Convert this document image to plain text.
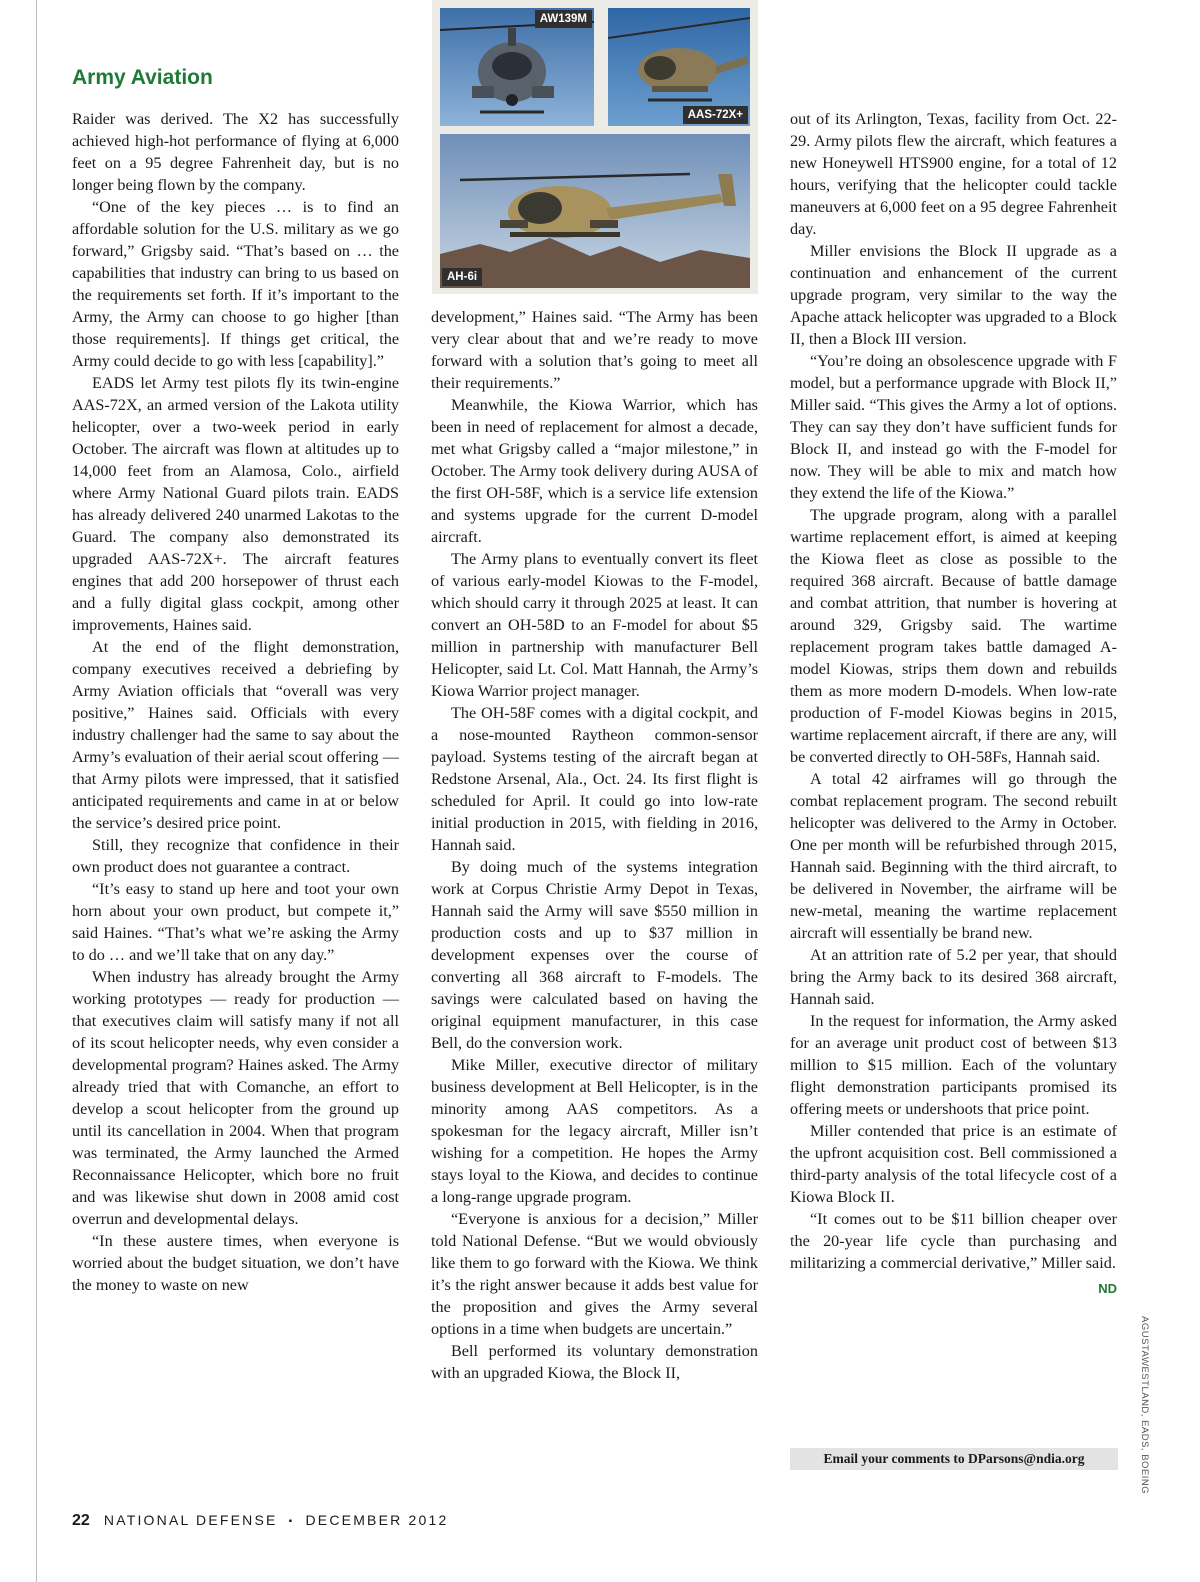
Army Aviation

Raider was derived. The X2 has successfully achieved high-hot performance of flying at 6,000 feet on a 95 degree Fahrenheit day, but is no longer being flown by the company.

“One of the key pieces … is to find an affordable solution for the U.S. military as we go forward,” Grigsby said. “That’s based on … the capabilities that industry can bring to us based on the requirements set forth. If it’s important to the Army, the Army can choose to go higher [than those requirements]. If things get critical, the Army could decide to go with less [capability].”

EADS let Army test pilots fly its twin-engine AAS-72X, an armed version of the Lakota utility helicopter, over a two-week period in early October. The aircraft was flown at altitudes up to 14,000 feet from an Alamosa, Colo., airfield where Army National Guard pilots train. EADS has already delivered 240 unarmed Lakotas to the Guard. The company also demonstrated its upgraded AAS-72X+. The aircraft features engines that add 200 horsepower of thrust each and a fully digital glass cockpit, among other improvements, Haines said.

At the end of the flight demonstration, company executives received a debriefing by Army Aviation officials that “overall was very positive,” Haines said. Officials with every industry challenger had the same to say about the Army’s evaluation of their aerial scout offering — that Army pilots were impressed, that it satisfied anticipated requirements and came in at or below the service’s desired price point.

Still, they recognize that confidence in their own product does not guarantee a contract.

“It’s easy to stand up here and toot your own horn about your own product, but compete it,” said Haines. “That’s what we’re asking the Army to do … and we’ll take that on any day.”

When industry has already brought the Army working prototypes — ready for production — that executives claim will satisfy many if not all of its scout helicopter needs, why even consider a developmental program? Haines asked. The Army already tried that with Comanche, an effort to develop a scout helicopter from the ground up until its cancellation in 2004. When that program was terminated, the Army launched the Armed Reconnaissance Helicopter, which bore no fruit and was likewise shut down in 2008 amid cost overrun and developmental delays.

“In these austere times, when everyone is worried about the budget situation, we don’t have the money to waste on new

AW139M
AAS-72X+
AH-6i

development,” Haines said. “The Army has been very clear about that and we’re ready to move forward with a solution that’s going to meet all their requirements.”

Meanwhile, the Kiowa Warrior, which has been in need of replacement for almost a decade, met what Grigsby called a “major milestone,” in October. The Army took delivery during AUSA of the first OH-58F, which is a service life extension and systems upgrade for the current D-model aircraft.

The Army plans to eventually convert its fleet of various early-model Kiowas to the F-model, which should carry it through 2025 at least. It can convert an OH-58D to an F-model for about $5 million in partnership with manufacturer Bell Helicopter, said Lt. Col. Matt Hannah, the Army’s Kiowa Warrior project manager.

The OH-58F comes with a digital cockpit, and a nose-mounted Raytheon common-sensor payload. Systems testing of the aircraft began at Redstone Arsenal, Ala., Oct. 24. Its first flight is scheduled for April. It could go into low-rate initial production in 2015, with fielding in 2016, Hannah said.

By doing much of the systems integration work at Corpus Christie Army Depot in Texas, Hannah said the Army will save $550 million in production costs and up to $37 million in development expenses over the course of converting all 368 aircraft to F-models. The savings were calculated based on having the original equipment manufacturer, in this case Bell, do the conversion work.

Mike Miller, executive director of military business development at Bell Helicopter, is in the minority among AAS competitors. As a spokesman for the legacy aircraft, Miller isn’t wishing for a competition. He hopes the Army stays loyal to the Kiowa, and decides to continue a long-range upgrade program.

“Everyone is anxious for a decision,” Miller told National Defense. “But we would obviously like them to go forward with the Kiowa. We think it’s the right answer because it adds best value for the proposition and gives the Army several options in a time when budgets are uncertain.”

Bell performed its voluntary demonstration with an upgraded Kiowa, the Block II,

out of its Arlington, Texas, facility from Oct. 22-29. Army pilots flew the aircraft, which features a new Honeywell HTS900 engine, for a total of 12 hours, verifying that the helicopter could tackle maneuvers at 6,000 feet on a 95 degree Fahrenheit day.

Miller envisions the Block II upgrade as a continuation and enhancement of the current upgrade program, very similar to the way the Apache attack helicopter was upgraded to a Block II, then a Block III version.

“You’re doing an obsolescence upgrade with F model, but a performance upgrade with Block II,” Miller said. “This gives the Army a lot of options. They can say they don’t have sufficient funds for Block II, and instead go with the F-model for now. They will be able to mix and match how they extend the life of the Kiowa.”

The upgrade program, along with a parallel wartime replacement effort, is aimed at keeping the Kiowa fleet as close as possible to the required 368 aircraft. Because of battle damage and combat attrition, that number is hovering at around 329, Grigsby said. The wartime replacement program takes battle damaged A-model Kiowas, strips them down and rebuilds them as more modern D-models. When low-rate production of F-model Kiowas begins in 2015, wartime replacement aircraft, if there are any, will be converted directly to OH-58Fs, Hannah said.

A total 42 airframes will go through the combat replacement program. The second rebuilt helicopter was delivered to the Army in October. One per month will be refurbished through 2015, Hannah said. Beginning with the third aircraft, to be delivered in November, the airframe will be new-metal, meaning the wartime replacement aircraft will essentially be brand new.

At an attrition rate of 5.2 per year, that should bring the Army back to its desired 368 aircraft, Hannah said.

In the request for information, the Army asked for an average unit product cost of between $13 million to $15 million. Each of the voluntary flight demonstration participants promised its offering meets or undershoots that price point.

Miller contended that price is an estimate of the upfront acquisition cost. Bell commissioned a third-party analysis of the total lifecycle cost of a Kiowa Block II.

“It comes out to be $11 billion cheaper over the 20-year life cycle than purchasing and militarizing a commercial derivative,” Miller said.
ND

Email your comments to DParsons@ndia.org	AGUSTAWESTLAND, EADS, BOEING
22 NATIONAL DEFENSE ▪ DECEMBER 2012
